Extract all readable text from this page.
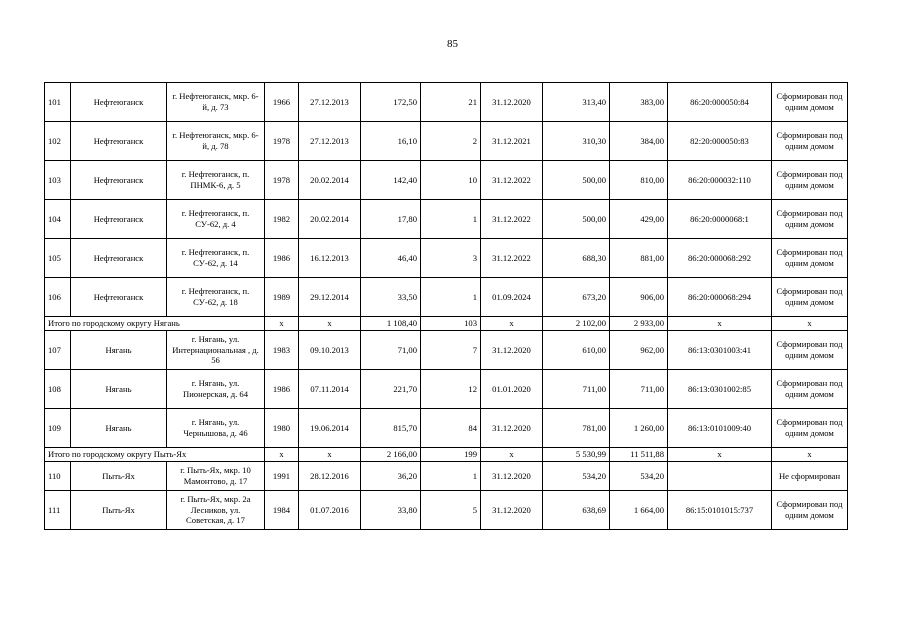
85
101	Нефтеюганск	г. Нефтеюганск, мкр. 6-й, д. 73	1966	27.12.2013	172,50	21	31.12.2020	313,40	383,00	86:20:000050:84	Сформирован под одним домом
102	Нефтеюганск	г. Нефтеюганск, мкр. 6-й, д. 78	1978	27.12.2013	16,10	2	31.12.2021	310,30	384,00	82:20:000050:83	Сформирован под одним домом
103	Нефтеюганск	г. Нефтеюганск, п. ПНМК-6, д. 5	1978	20.02.2014	142,40	10	31.12.2022	500,00	810,00	86:20:000032:110	Сформирован под одним домом
104	Нефтеюганск	г. Нефтеюганск, п. СУ-62, д. 4	1982	20.02.2014	17,80	1	31.12.2022	500,00	429,00	86:20:0000068:1	Сформирован под одним домом
105	Нефтеюганск	г. Нефтеюганск, п. СУ-62, д. 14	1986	16.12.2013	46,40	3	31.12.2022	688,30	881,00	86:20:000068:292	Сформирован под одним домом
106	Нефтеюганск	г. Нефтеюганск, п. СУ-62, д. 18	1989	29.12.2014	33,50	1	01.09.2024	673,20	906,00	86:20:000068:294	Сформирован под одним домом
Итого по городскому округу Нягань			x	x	1 108,40	103	x	2 102,00	2 933,00	x	x
107	Нягань	г. Нягань, ул. Интернациональная , д. 56	1983	09.10.2013	71,00	7	31.12.2020	610,00	962,00	86:13:0301003:41	Сформирован под одним домом
108	Нягань	г. Нягань, ул. Пионерская, д. 64	1986	07.11.2014	221,70	12	01.01.2020	711,00	711,00	86:13:0301002:85	Сформирован под одним домом
109	Нягань	г. Нягань, ул. Чернышова, д. 46	1980	19.06.2014	815,70	84	31.12.2020	781,00	1 260,00	86:13:0101009:40	Сформирован под одним домом
Итого по городскому округу Пыть-Ях			x	x	2 166,00	199	x	5 530,99	11 511,88	x	x
110	Пыть-Ях	г. Пыть-Ях, мкр. 10 Мамонтово, д. 17	1991	28.12.2016	36,20	1	31.12.2020	534,20	534,20		Не сформирован
111	Пыть-Ях	г. Пыть-Ях, мкр. 2а Лесников, ул. Советская, д. 17	1984	01.07.2016	33,80	5	31.12.2020	638,69	1 664,00	86:15:0101015:737	Сформирован под одним домом
